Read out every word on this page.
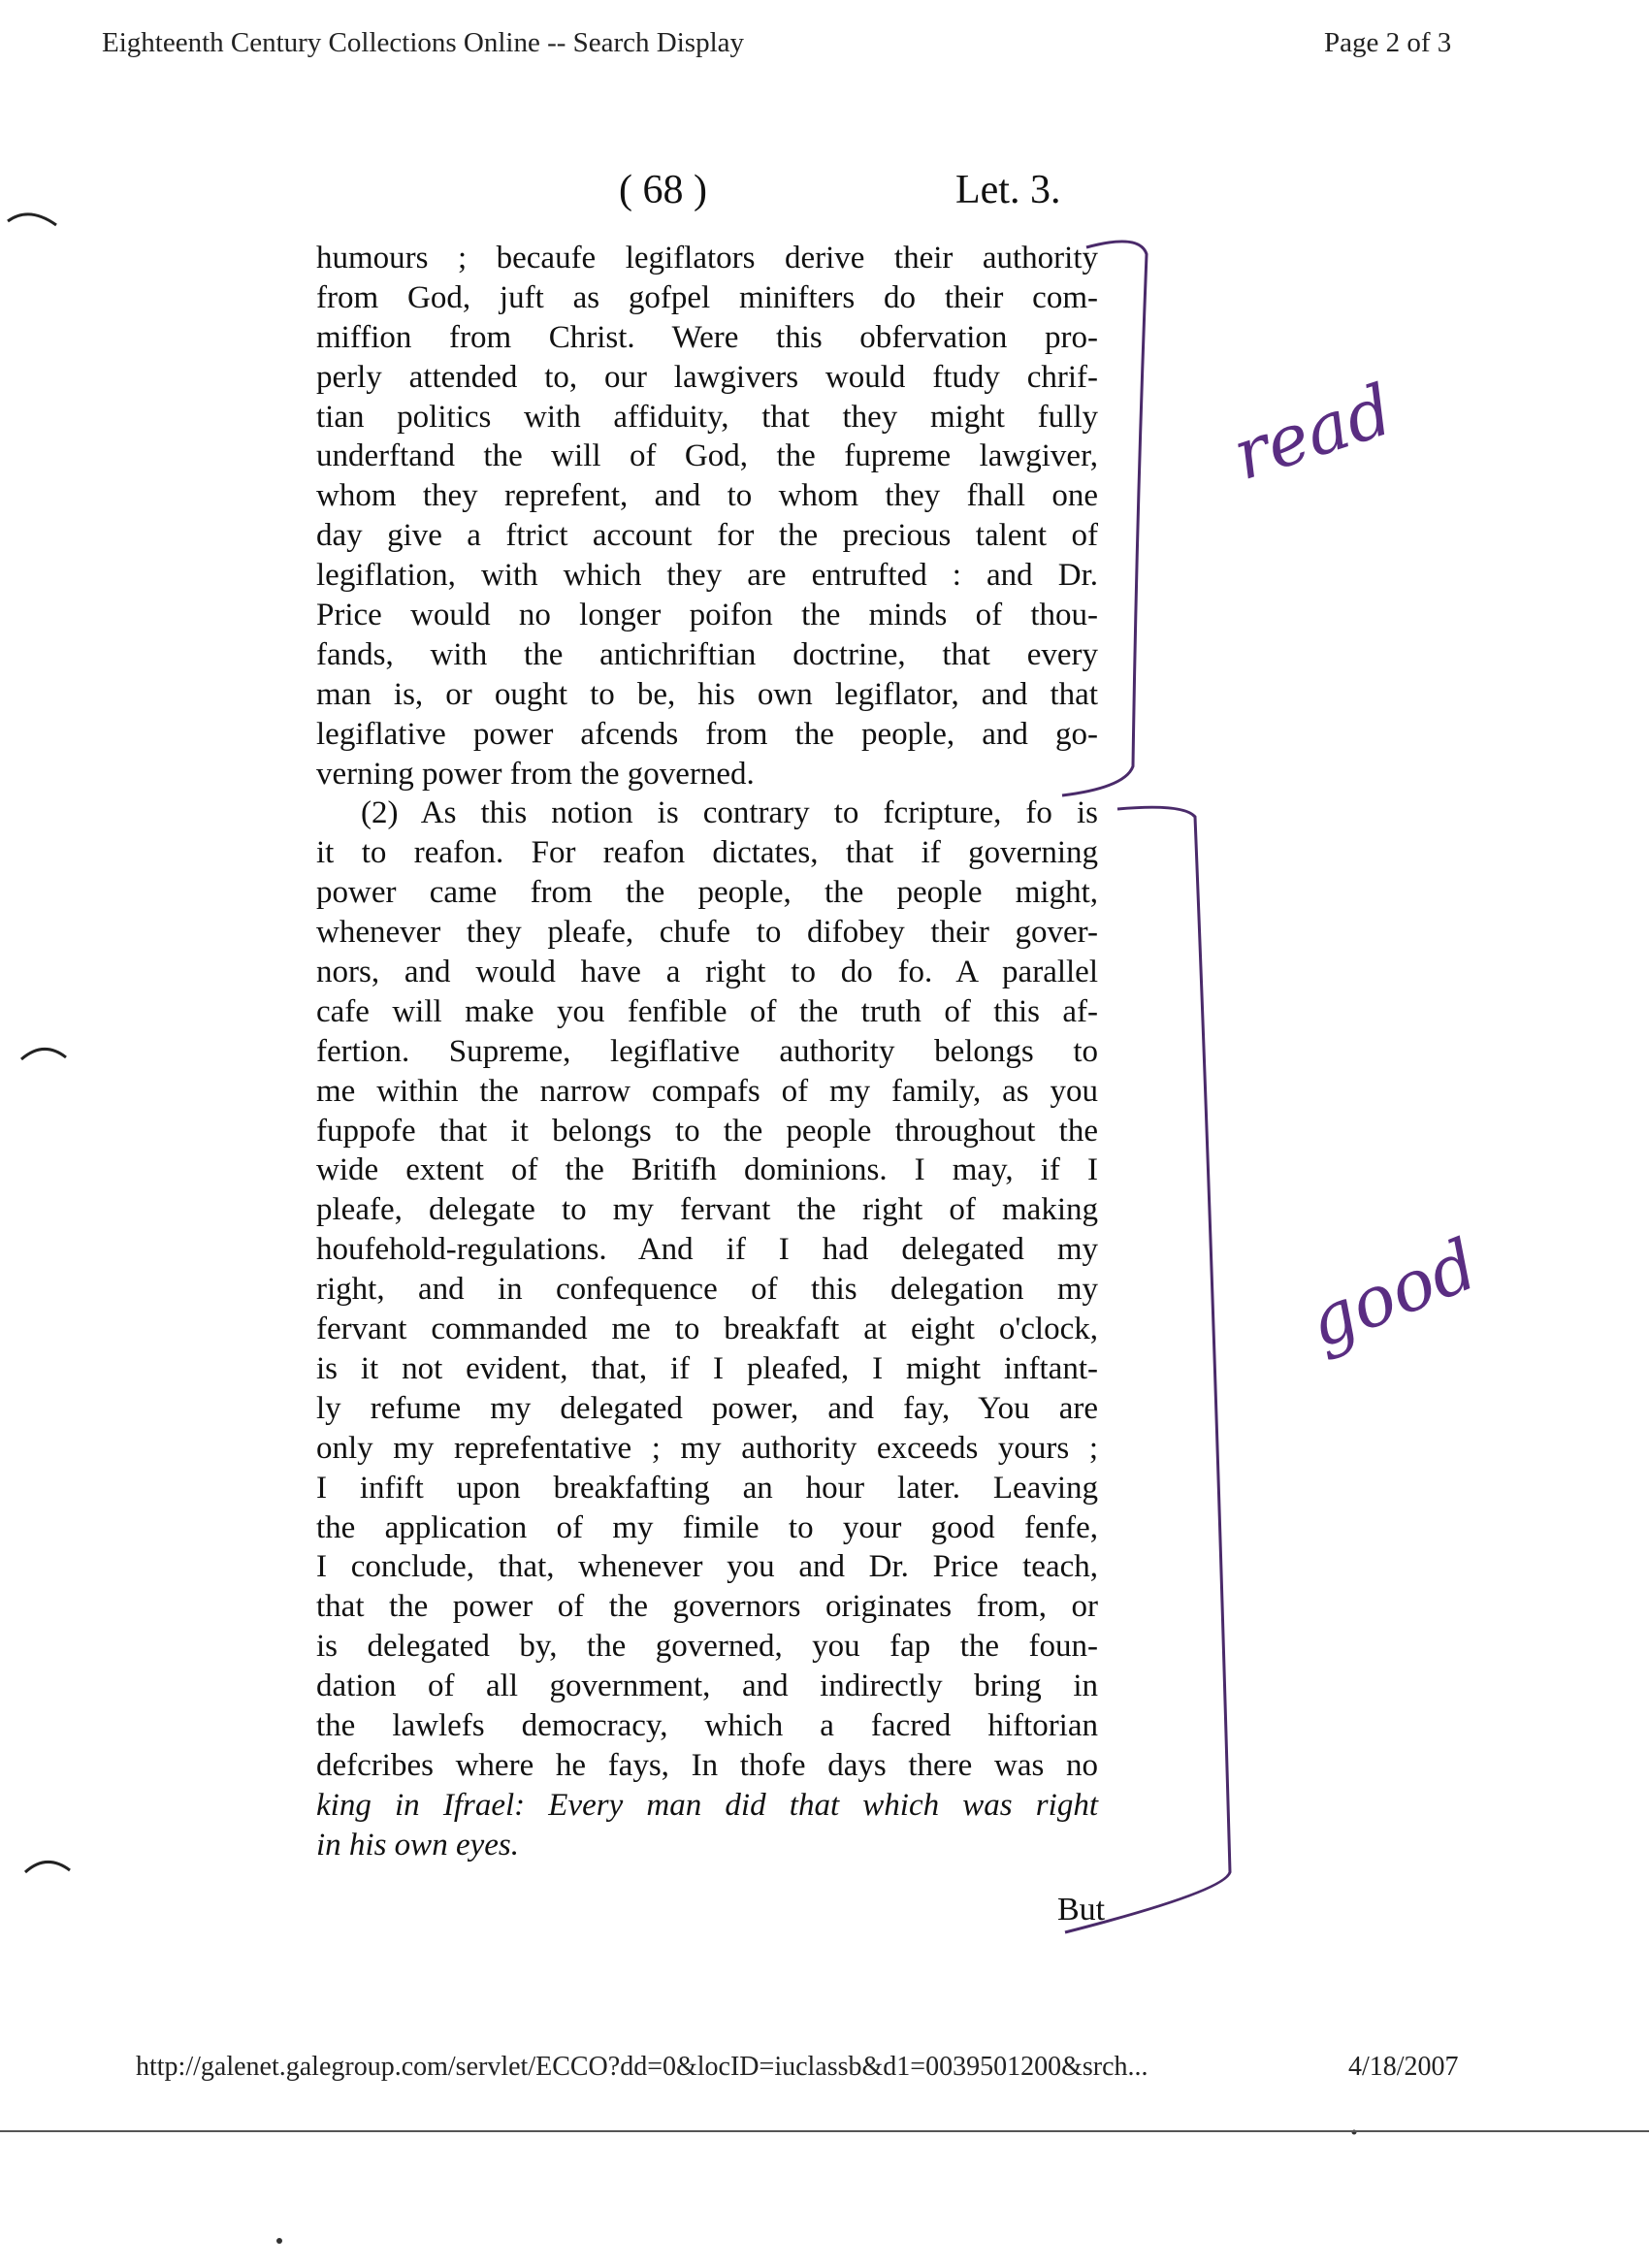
Eighteenth Century Collections Online -- Search Display	Page 2 of 3
( 68 )	Let. 3.
humours ; becaufe legiflators derive their authority
from God, juft as gofpel minifters do their com-
miffion from Christ. Were this obfervation pro-
perly attended to, our lawgivers would ftudy chrif-
tian politics with affiduity, that they might fully
underftand the will of God, the fupreme lawgiver,
whom they reprefent, and to whom they fhall one
day give a ftrict account for the precious talent of
legiflation, with which they are entrufted : and Dr.
Price would no longer poifon the minds of thou-
fands, with the antichriftian doctrine, that every
man is, or ought to be, his own legiflator, and that
legiflative power afcends from the people, and go-
verning power from the governed.
(2) As this notion is contrary to fcripture, fo is
it to reafon. For reafon dictates, that if governing
power came from the people, the people might,
whenever they pleafe, chufe to difobey their gover-
nors, and would have a right to do fo. A parallel
cafe will make you fenfible of the truth of this af-
fertion. Supreme, legiflative authority belongs to
me within the narrow compafs of my family, as you
fuppofe that it belongs to the people throughout the
wide extent of the Britifh dominions. I may, if I
pleafe, delegate to my fervant the right of making
houfehold-regulations. And if I had delegated my
right, and in confequence of this delegation my
fervant commanded me to breakfaft at eight o'clock,
is it not evident, that, if I pleafed, I might inftant-
ly refume my delegated power, and fay, You are
only my reprefentative ; my authority exceeds yours ;
I infift upon breakfafting an hour later. Leaving
the application of my fimile to your good fenfe,
I conclude, that, whenever you and Dr. Price teach,
that the power of the governors originates from, or
is delegated by, the governed, you fap the foun-
dation of all government, and indirectly bring in
the lawlefs democracy, which a facred hiftorian
defcribes where he fays, In thofe days there was no
king in Ifrael: Every man did that which was right
in his own eyes.
But
read
good
http://galenet.galegroup.com/servlet/ECCO?dd=0&locID=iuclassb&d1=0039501200&srch...	4/18/2007
